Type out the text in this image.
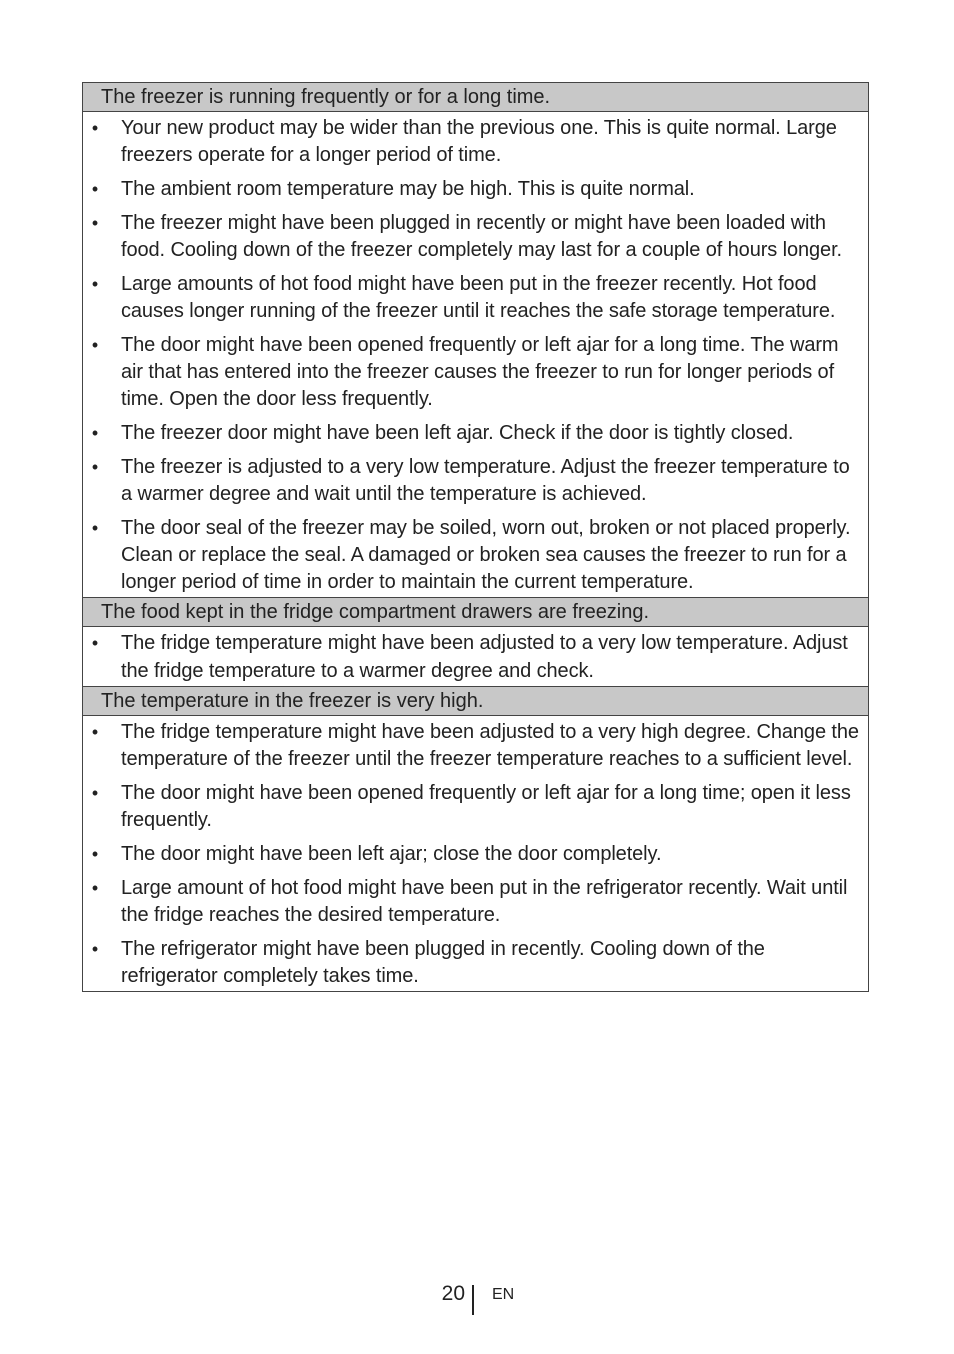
The freezer is running frequently or for a long time.
• Your new product may be wider than the previous one. This is quite normal. Large freezers operate for a longer period of time.
• The ambient room temperature may be high. This is quite normal.
• The freezer might have been plugged in recently or might have been loaded with food. Cooling down of the freezer completely may last for a couple of hours longer.
• Large amounts of hot food might have been put in the freezer recently. Hot food causes longer running of the freezer until it reaches the safe storage temperature.
• The door might have been opened frequently or left ajar for a long time. The warm air that has entered into the freezer causes the freezer to run for longer periods of time. Open the door less frequently.
• The freezer door might have been left ajar. Check if the door is tightly closed.
• The freezer is adjusted to a very low temperature. Adjust the freezer temperature to a warmer degree and wait until the temperature is achieved.
• The door seal of the freezer may be soiled, worn out, broken or not placed properly. Clean or replace the seal. A damaged or broken sea causes the freezer to run for a longer period of time in order to maintain the current temperature.
The food kept in the fridge compartment drawers are freezing.
• The fridge temperature might have been adjusted to a very low temperature. Adjust the fridge temperature to a warmer degree and check.
The temperature in the freezer is very high.
• The fridge temperature might have been adjusted to a very high degree. Change the temperature of the freezer until the freezer temperature reaches to a sufficient level.
• The door might have been opened frequently or left ajar for a long time; open it less frequently.
• The door might have been left ajar; close the door completely.
• Large amount of hot food might have been put in the refrigerator recently. Wait until the fridge reaches the desired temperature.
• The refrigerator might have been plugged in recently. Cooling down of the refrigerator completely takes time.
20 EN
